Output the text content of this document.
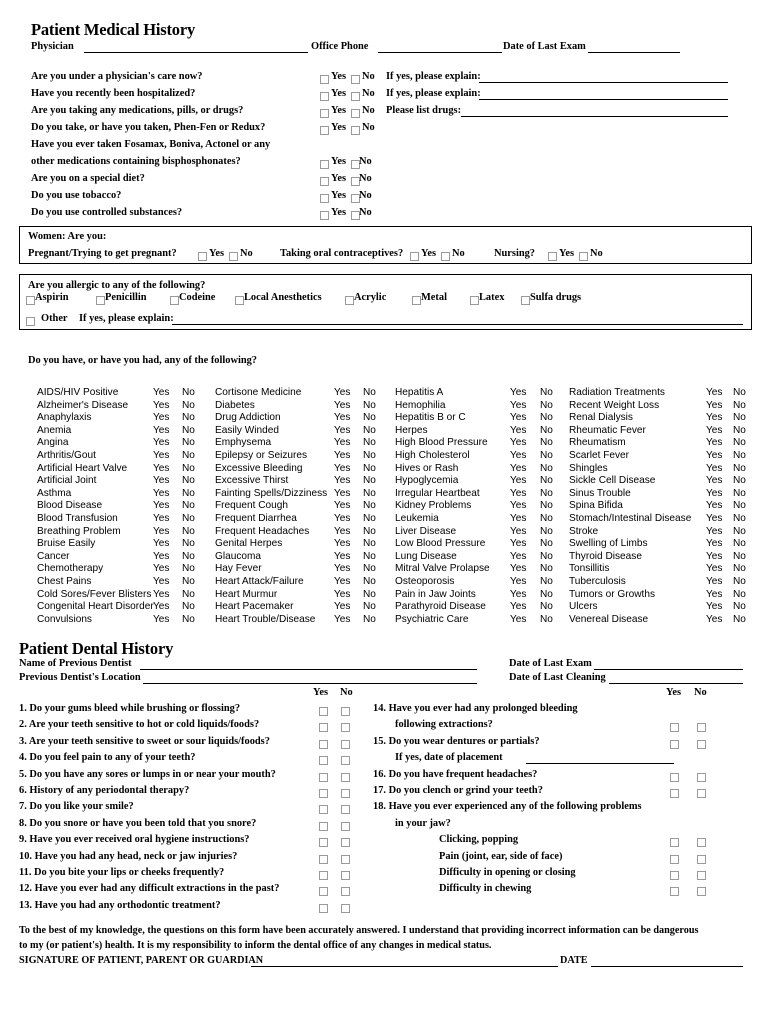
Patient Medical History
Physician	Office Phone	Date of Last Exam
Are you under a physician's care now?	Yes No If yes, please explain:
Have you recently been hospitalized?	Yes No If yes, please explain:
Are you taking any medications, pills, or drugs?	Yes No Please list drugs:
Do you take, or have you taken, Phen-Fen or Redux?	Yes No
Have you ever taken Fosamax, Boniva, Actonel or any
other medications containing bisphosphonates?	Yes No
Are you on a special diet?	Yes No
Do you use tobacco?	Yes No
Do you use controlled substances?	Yes No
Women: Are you:
Pregnant/Trying to get pregnant?	Yes No	Taking oral contraceptives? Yes No	Nursing? Yes No
Are you allergic to any of the following?
Aspirin	Penicillin	Codeine	Local Anesthetics	Acrylic	Metal	Latex Sulfa drugs
Other If yes, please explain:
Do you have, or have you had, any of the following?
AIDS/HIV Positive	Yes No
Alzheimer's Disease Yes No
Anaphylaxis	Yes No
Anemia	Yes No
Angina	Yes No
Arthritis/Gout	Yes No
Artificial Heart Valve	Yes No
Artificial Joint	Yes No
Asthma	Yes No
Blood Disease	Yes No
Blood Transfusion	Yes No
Breathing Problem	Yes No
Bruise Easily	Yes No
Cancer	Yes No
Chemotherapy	Yes No
Chest Pains	Yes No
Cold Sores/Fever Blisters Yes No
Congenital Heart Disorder Yes No
Convulsions	Yes No
Cortisone Medicine	Yes No
Diabetes	Yes No
Drug Addiction	Yes No
Easily Winded	Yes No
Emphysema	Yes No
Epilepsy or Seizures	Yes No
Excessive Bleeding	Yes No
Excessive Thirst	Yes No
Fainting Spells/Dizziness Yes No
Frequent Cough	Yes No
Frequent Diarrhea	Yes No
Frequent Headaches Yes No
Genital Herpes	Yes No
Glaucoma	Yes No
Hay Fever	Yes No
Heart Attack/Failure	Yes No
Heart Murmur	Yes No
Heart Pacemaker	Yes No
Heart Trouble/Disease Yes No
Hepatitis A	Yes No
Hemophilia	Yes No
Hepatitis B or C	Yes No
Herpes	Yes No
High Blood Pressure Yes No
High Cholesterol	Yes No
Hives or Rash	Yes No
Hypoglycemia	Yes No
Irregular Heartbeat	Yes No
Kidney Problems	Yes No
Leukemia	Yes No
Liver Disease	Yes No
Low Blood Pressure Yes No
Lung Disease	Yes No
Mitral Valve Prolapse Yes No
Osteoporosis	Yes No
Pain in Jaw Joints	Yes No
Parathyroid Disease Yes No
Psychiatric Care	Yes No
Radiation Treatments	Yes No
Recent Weight Loss	Yes No
Renal Dialysis	Yes No
Rheumatic Fever	Yes No
Rheumatism	Yes No
Scarlet Fever	Yes No
Shingles	Yes No
Sickle Cell Disease	Yes No
Sinus Trouble	Yes No
Spina Bifida	Yes No
Stomach/Intestinal Disease Yes No
Stroke	Yes No
Swelling of Limbs	Yes No
Thyroid Disease	Yes No
Tonsillitis	Yes No
Tuberculosis	Yes No
Tumors or Growths	Yes No
Ulcers	Yes No
Venereal Disease	Yes No
Patient Dental History
Name of Previous Dentist	Date of Last Exam
Previous Dentist's Location	Date of Last Cleaning
Yes No	Yes No
1. Do your gums bleed while brushing or flossing?
2. Are your teeth sensitive to hot or cold liquids/foods?
3. Are your teeth sensitive to sweet or sour liquids/foods?
4. Do you feel pain to any of your teeth?
5. Do you have any sores or lumps in or near your mouth?
6. History of any periodontal therapy?
7. Do you like your smile?
8. Do you snore or have you been told that you snore?
9. Have you ever received oral hygiene instructions?
10. Have you had any head, neck or jaw injuries?
11. Do you bite your lips or cheeks frequently?
12. Have you ever had any difficult extractions in the past?
13. Have you had any orthodontic treatment?
14. Have you ever had any prolonged bleeding
following extractions?
15. Do you wear dentures or partials?
If yes, date of placement
16. Do you have frequent headaches?
17. Do you clench or grind your teeth?
18. Have you ever experienced any of the following problems
in your jaw?
Clicking, popping
Pain (joint, ear, side of face)
Difficulty in opening or closing
Difficulty in chewing
To the best of my knowledge, the questions on this form have been accurately answered. I understand that providing incorrect information can be dangerous
to my (or patient's) health. It is my responsibility to inform the dental office of any changes in medical status.
SIGNATURE OF PATIENT, PARENT OR GUARDIAN	DATE
